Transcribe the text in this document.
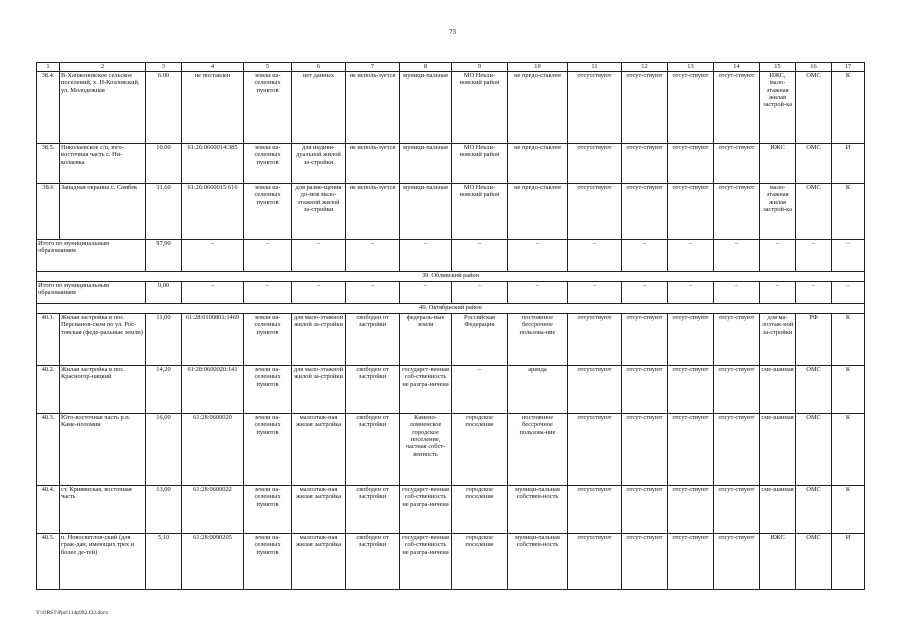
73
1	2	3	4	5	6	7	8	9	10	11	12	13	14	15	16	17
38.4.	В-Хапжоновское сельское поселений, х. Н-Козловский, ул. Молодежная	6.00	не поставлен	земли на-селенных пунктов	нет данных	не исполь-зуется	муници-пальная	МО Некли-новский район	не предо-ставлен	отсутствуют	отсут-ствуют	отсут-ствуют	отсут-ствуют	ИЖС, мало-этажная жилая застрой-ка	ОМС	К
38.5.	Николаевское с/п, юго-восточная часть с. Ни-колаевка	10.00	61:26:0600014:385	земли на-селенных пунктов	для индиви-дуальной жилой за-стройки	не исполь-зуется	муници-пальная	МО Некли-новский район	не предо-ставлен	отсутствуют	отсут-ствуют	отсут-ствуют	отсут-ствуют	ИЖС	ОМС	И
38.6	Западная окраина с. Самбек	31.60	61:26:0600015:616	земли на-селенных пунктов	для разме-щения до-мов мало-этажной жилой за-стройки	не исполь-зуется	муници-пальная	МО Некли-новский район	не предо-ставлен	отсутствуют	отсут-ствуют	отсут-ствуют	отсут-ствуют	мало-этажная жилая застрой-ка	ОМС	К
Итого по муниципальным образованиям		97,90	–	–	–	–	–	–	–	–	–	–	–	–	–	–
39. Обливский район																
Итого по муниципальным образованиям		0,00	–	–	–	–	–	–	–	–	–	–	–	–	–	–
40. Октябрьский район																
40.1.	Жилая застройка в пос. Персианов-ском по ул. Рос-товская (феде-ральные земли)	11,00	61:28:0100801:1469	земли на-селенных пунктов	для мало-этажной жилой за-стройки	свободен от застройки	федераль-ные земли	Российская Федерация	постоянное бессрочное пользова-ние	отсутствуют	отсут-ствуют	отсут-ствуют	отсут-ствуют	для ма-лоэтаж-ной за-стройки	РФ	К
40.2.	Жилая застройка в пос. Красногор-няцкий	14,20	61:28:0600020:141	земли на-селенных пунктов	для мало-этажной жилой за-стройки	свободен от застройки	государст-венная соб-ственность не разгра-ничена	–	аренда	отсутствуют	отсут-ствуют	отсут-ствуют	отсут-ствуют	сме-шанная	ОМС	К
40.3.	Юго-восточная часть р.п. Каме-ноломни	16,00	61:28:0600020	земли на-селенных пунктов	малоэтаж-ная жилая застройка	свободен от застройки	Камено-ломненское городское поселение, частная собст-венность	городское поселение	постоянное бессрочное пользова-ние	отсутствуют	отсут-ствуют	отсут-ствуют	отсут-ствуют	сме-шанная	ОМС	К
40.4.	ст. Кривянская, восточная часть	13,00	61:28:0600022	земли на-селенных пунктов	малоэтаж-ная жилая застройка	свободен от застройки	государст-венная соб-ственность не разгра-ничена	городское поселение	муници-пальная собствен-ность	отсутствуют	отсут-ствуют	отсут-ствуют	отсут-ствуют	сме-шанная	ОМС	К
40.5.	п. Новосветлов-ский (для граж-дан, имеющих трех и более де-тей)	5,10	61:28:0090205	земли на-селенных пунктов	малоэтаж-ная жилая застройка	свободен от застройки	государст-венная соб-ственность не разгра-ничена	городское поселение	муници-пальная собствен-ность	отсутствуют	отсут-ствуют	отсут-ствуют	отсут-ствуют	ИЖС	ОМС	И
Y:\ORST\Ppd\114p992.f22.docx
